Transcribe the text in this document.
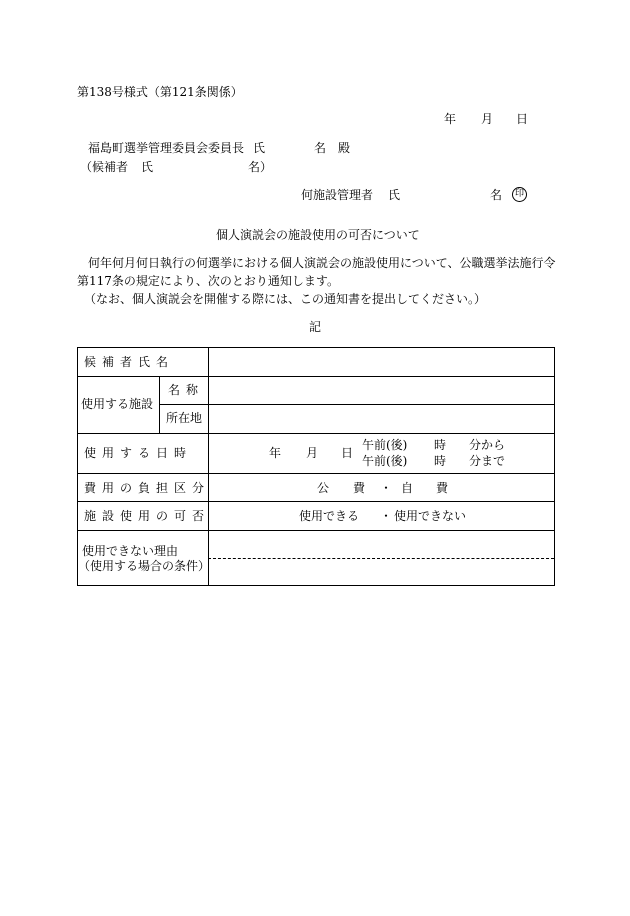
第138号様式（第121条関係）
年 月 日
福島町選挙管理委員会委員長 氏	名 殿
（候補者 氏	名）
何施設管理者 氏	名	印
個人演説会の施設使用の可否について
何年何月何日執行の何選挙における個人演説会の施設使用について、公職選挙法施行令
第117条の規定により、次のとおり通知します。
（なお、個人演説会を開催する際には、この通知書を提出してください。）
記
候補者氏名
使用する施設
名称
所在地
使用する日時	年 月 日
午前(後) 時 分から
午前(後) 時 分まで
費用の負担区分	公 費 ・ 自 費
施設使用の可否	使用できる ・ 使用できない
使用できない理由
（使用する場合の条件）
